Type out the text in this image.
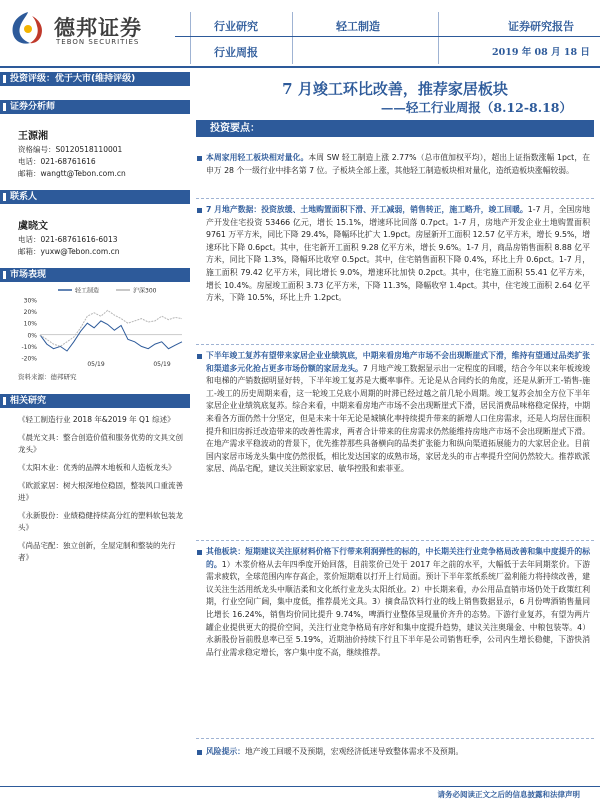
德邦证券
TEBON SECURITIES
行业研究
行业周报
轻工制造	证券研究报告
2019 年 08 月 18 日
投资评级：优于大市(维持评级)
证券分析师
王源湘
资格编号：S0120518110001
电话：021-68761616
邮箱：wangtt@Tebon.com.cn
联系人
虞晓文
电话：021-68761616-6013
邮箱：yuxw@Tebon.com.cn
市场表现
30%
20%
10%
0%
-10%
-20%
轻工制造	沪深300
05/19	05/19
资料来源：德邦研究
相关研究
《轻工制造行业 2018 年&2019 年 Q1 综述》
《晨光文具：整合创造价值和服务优势的文具文创龙头》
《太阳木业：优秀的品牌木地板和人造板龙头》
《欧派家居：树大根深地位稳固，整装风口重流善进》
《永新股份：业绩稳健持续高分红的塑料软包装龙头》
《尚品宅配：独立创新，全屋定制和整装的先行者》
7 月竣工环比改善，推荐家居板块
——轻工行业周报（8.12-8.18）
投资要点：
本周家用轻工板块相对量化。本周 SW 轻工制造上涨 2.77%（总市值加权平均），超出上证指数涨幅 1pct，在申万 28 个一级行业中排名第 7 位。子板块全部上涨，其他轻工制造板块相对量化，造纸造板块涨幅较弱。
7 月地产数据：投资放缓、土地购置面积下滑、开工减弱，销售转正，施工略升，竣工回暖。1-7 月，全国房地产开发住宅投资 53466 亿元，增长 15.1%，增速环比回落 0.7pct。1-7 月，房地产开发企业土地购置面积 9761 万平方米，同比下降 29.4%，降幅环比扩大 1.9pct。房屋新开工面积 12.57 亿平方米，增长 9.5%，增速环比下降 0.6pct。其中，住宅新开工面积 9.28 亿平方米，增长 9.6%。1-7 月，商品房销售面积 8.88 亿平方米，同比下降 1.3%，降幅环比收窄 0.5pct。其中，住宅销售面积下降 0.4%，环比上升 0.6pct。1-7 月，施工面积 79.42 亿平方米，同比增长 9.0%，增速环比加快 0.2pct。其中，住宅施工面积 55.41 亿平方米，增长 10.4%。房屋竣工面积 3.73 亿平方米，下降 11.3%，降幅收窄 1.4pct。其中，住宅竣工面积 2.64 亿平方米，下降 10.5%，环比上升 1.2pct。
下半年竣工复苏有望带来家居企业业绩筑底，中期来看房地产市场不会出现断崖式下滑，维持有望通过品类扩张和渠道多元化抢占更多市场份额的家居龙头。7 月地产竣工数据显示出一定程度的回暖，结合今年以来年板竣竣和电梯的产销数据明显好转，下半年竣工复苏是大概率事件。无论是从合同约长的角度，还是从新开工-销售-施工-竣工的历史周期来看，这一轮竣工兑底小周期的时滞已经过越之前几轮小周期。竣工复苏会加全方位下半年家居企业业绩筑底复苏。综合来看，中期来看房地产市场不会出现断崖式下滑，居民消费品味格稳定保持，中期来看各方面仍然十分坚定，但是未来十年无论是城镇化率持续提升带来的新增人口住房需求，还是人均居住面积提升和旧房拆迁改造带来的改善性需求，两者合计带来的住房需求仍然能维持房地产市场不会出现断崖式下滑。在地产需求平稳波动的背景下，优先推荐那些具备横向的品类扩张能力和纵向渠道拓展能力的大家居企业。目前国内家居市场龙头集中度仍然很低，相比发达国家的成熟市场，家居龙头的市占率提升空间仍然较大。推荐欧派家居、尚品宅配，建议关注顾家家居、敏华控股和索菲亚。
其他板块：短期建议关注原材料价格下行带来利润弹性的标的，中长期关注行业竞争格局改善和集中度提升的标的。1）木浆价格从去年四季度开始回落，目前浆价已处于 2017 年之前的水平，大幅低于去年同期浆价。下游需求疲软，全球范围内库存高企，浆价短期难以打开上行局面。预计下半年浆纸系统厂盈利能力将持续改善，建议关注生活用纸龙头中顺洁柔和文化纸行业龙头太阳纸业。2）中长期来看，办公用品直销市场仍处于政策红利期，行业空间广阔，集中度低，推荐晨光文具。3）摘食品饮料行业的线上销售数据显示，6 月份啤酒销售量同比增长 16.24%，销售均价同比提升 9.74%，啤酒行业整体呈现量价齐升的态势。下游行业复苏，有望为两片罐企业提供更大的提价空间，关注行业竞争格局有序好和集中度提升趋势，建议关注奥瑞金、中粮包装等。4）永新股份旨前殷息率已至 5.19%，近期油价持续下行且下半年是公司销售旺季，公司内生增长稳健，下游快消品行业需求稳定增长，客户集中度不高，继续推荐。
风险提示：地产竣工回暖不及预期，宏观经济低迷导致整体需求不及预期。
请务必阅读正文之后的信息披露和法律声明
